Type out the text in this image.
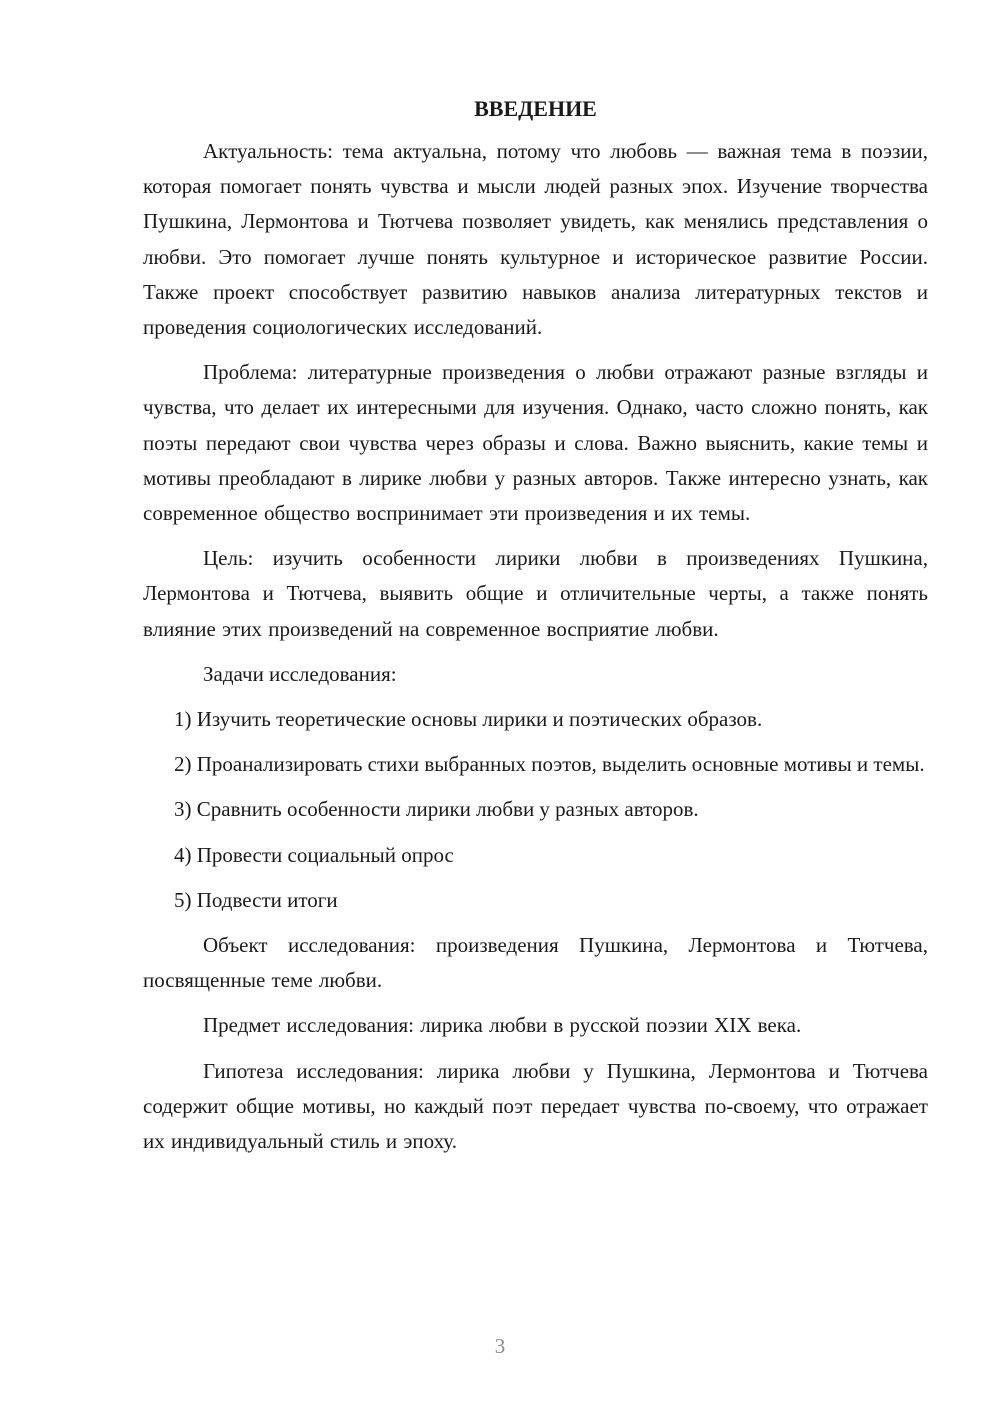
ВВЕДЕНИЕ

Актуальность: тема актуальна, потому что любовь — важная тема в поэзии, которая помогает понять чувства и мысли людей разных эпох. Изучение творчества Пушкина, Лермонтова и Тютчева позволяет увидеть, как менялись представления о любви. Это помогает лучше понять культурное и историческое развитие России. Также проект способствует развитию навыков анализа литературных текстов и проведения социологических исследований.

Проблема: литературные произведения о любви отражают разные взгляды и чувства, что делает их интересными для изучения. Однако, часто сложно понять, как поэты передают свои чувства через образы и слова. Важно выяснить, какие темы и мотивы преобладают в лирике любви у разных авторов. Также интересно узнать, как современное общество воспринимает эти произведения и их темы.

Цель: изучить особенности лирики любви в произведениях Пушкина, Лермонтова и Тютчева, выявить общие и отличительные черты, а также понять влияние этих произведений на современное восприятие любви.

Задачи исследования:

1) Изучить теоретические основы лирики и поэтических образов.

2) Проанализировать стихи выбранных поэтов, выделить основные мотивы и темы.

3) Сравнить особенности лирики любви у разных авторов.

4) Провести социальный опрос

5) Подвести итоги

Объект исследования: произведения Пушкина, Лермонтова и Тютчева, посвященные теме любви.

Предмет исследования: лирика любви в русской поэзии XIX века.

Гипотеза исследования: лирика любви у Пушкина, Лермонтова и Тютчева содержит общие мотивы, но каждый поэт передает чувства по-своему, что отражает их индивидуальный стиль и эпоху.

3
